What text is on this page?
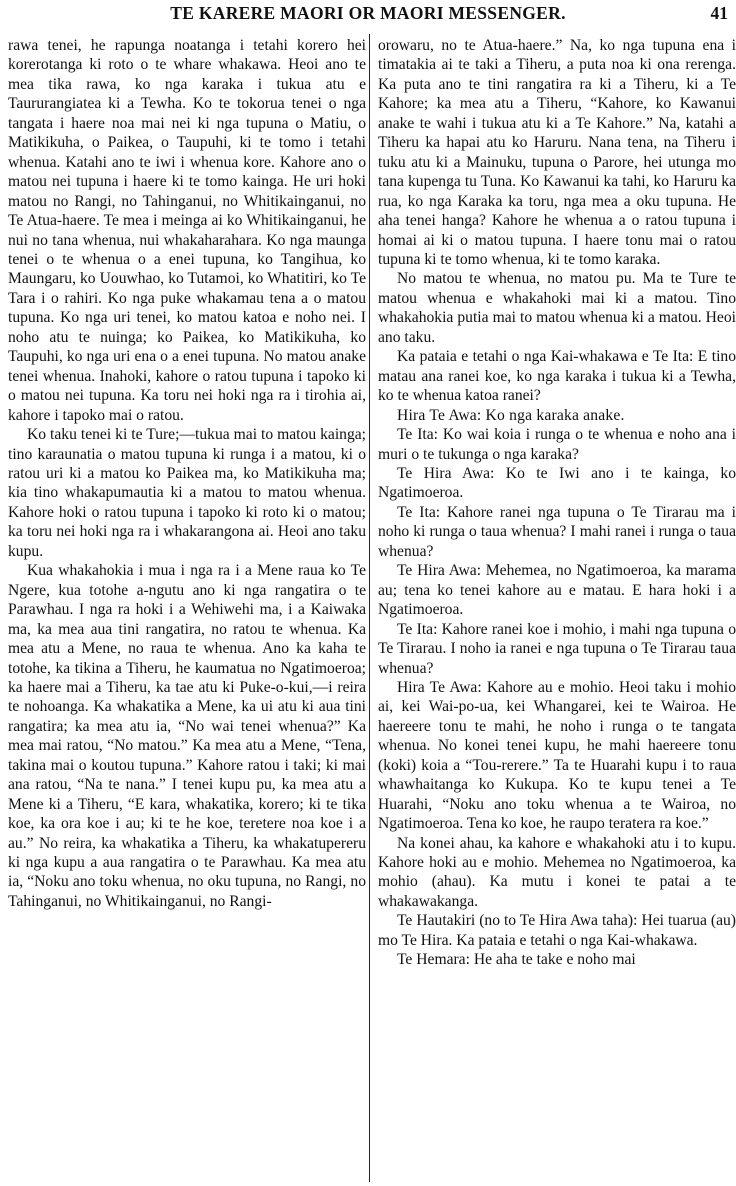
TE KARERE MAORI OR MAORI MESSENGER.	41

rawa tenei, he rapunga noatanga i tetahi korero hei korerotanga ki roto o te whare whakawa. Heoi ano te mea tika rawa, ko nga karaka i tukua atu e Taururangiatea ki a Tewha. Ko te tokorua tenei o nga tangata i haere noa mai nei ki nga tupuna o Matiu, o Matikikuha, o Paikea, o Taupuhi, ki te tomo i tetahi whenua. Katahi ano te iwi i whenua kore. Kahore ano o matou nei tupuna i haere ki te tomo kainga. He uri hoki matou no Rangi, no Tahinganui, no Whitikainganui, no Te Atua-haere. Te mea i meinga ai ko Whitikainganui, he nui no tana whenua, nui whakaharahara. Ko nga maunga tenei o te whenua o a enei tupuna, ko Tangihua, ko Maungaru, ko Uouwhao, ko Tutamoi, ko Whatitiri, ko Te Tara i o rahiri. Ko nga puke whakamau tena a o matou tupuna. Ko nga uri tenei, ko matou katoa e noho nei. I noho atu te nuinga; ko Paikea, ko Matikikuha, ko Taupuhi, ko nga uri ena o a enei tupuna. No matou anake tenei whenua. Inahoki, kahore o ratou tupuna i tapoko ki o matou nei tupuna. Ka toru nei hoki nga ra i tirohia ai, kahore i tapoko mai o ratou.

Ko taku tenei ki te Ture;—tukua mai to matou kainga; tino karaunatia o matou tupuna ki runga i a matou, ki o ratou uri ki a matou ko Paikea ma, ko Matikikuha ma; kia tino whakapumautia ki a matou to matou whenua. Kahore hoki o ratou tupuna i tapoko ki roto ki o matou; ka toru nei hoki nga ra i whakarangona ai. Heoi ano taku kupu.

Kua whakahokia i mua i nga ra i a Mene raua ko Te Ngere, kua totohe a-ngutu ano ki nga rangatira o te Parawhau. I nga ra hoki i a Wehiwehi ma, i a Kaiwaka ma, ka mea aua tini rangatira, no ratou te whenua. Ka mea atu a Mene, no raua te whenua. Ano ka kaha te totohe, ka tikina a Tiheru, he kaumatua no Ngatimoeroa; ka haere mai a Tiheru, ka tae atu ki Puke-o-kui,—i reira te nohoanga. Ka whakatika a Mene, ka ui atu ki aua tini rangatira; ka mea atu ia, “No wai tenei whenua?” Ka mea mai ratou, “No matou.” Ka mea atu a Mene, “Tena, takina mai o koutou tupuna.” Kahore ratou i taki; ki mai ana ratou, “Na te nana.” I tenei kupu pu, ka mea atu a Mene ki a Tiheru, “E kara, whakatika, korero; ki te tika koe, ka ora koe i au; ki te he koe, teretere noa koe i a au.” No reira, ka whakatika a Tiheru, ka whakatupereru ki nga kupu a aua rangatira o te Parawhau. Ka mea atu ia, “Noku ano toku whenua, no oku tupuna, no Rangi, no Tahinganui, no Whitikainganui, no Rangi-

orowaru, no te Atua-haere.” Na, ko nga tupuna ena i timatakia ai te taki a Tiheru, a puta noa ki ona rerenga. Ka puta ano te tini rangatira ra ki a Tiheru, ki a Te Kahore; ka mea atu a Tiheru, “Kahore, ko Kawanui anake te wahi i tukua atu ki a Te Kahore.” Na, katahi a Tiheru ka hapai atu ko Haruru. Nana tena, na Tiheru i tuku atu ki a Mainuku, tupuna o Parore, hei utunga mo tana kupenga tu Tuna. Ko Kawanui ka tahi, ko Haruru ka rua, ko nga Karaka ka toru, nga mea a oku tupuna. He aha tenei hanga? Kahore he whenua a o ratou tupuna i homai ai ki o matou tupuna. I haere tonu mai o ratou tupuna ki te tomo whenua, ki te tomo karaka.

No matou te whenua, no matou pu. Ma te Ture te matou whenua e whakahoki mai ki a matou. Tino whakahokia putia mai to matou whenua ki a matou. Heoi ano taku.

Ka pataia e tetahi o nga Kai-whakawa e Te Ita: E tino matau ana ranei koe, ko nga karaka i tukua ki a Tewha, ko te whenua katoa ranei?

Hira Te Awa: Ko nga karaka anake.

Te Ita: Ko wai koia i runga o te whenua e noho ana i muri o te tukunga o nga karaka?

Te Hira Awa: Ko te Iwi ano i te kainga, ko Ngatimoeroa.

Te Ita: Kahore ranei nga tupuna o Te Tirarau ma i noho ki runga o taua whenua? I mahi ranei i runga o taua whenua?

Te Hira Awa: Mehemea, no Ngatimoeroa, ka marama au; tena ko tenei kahore au e matau. E hara hoki i a Ngatimoeroa.

Te Ita: Kahore ranei koe i mohio, i mahi nga tupuna o Te Tirarau. I noho ia ranei e nga tupuna o Te Tirarau taua whenua?

Hira Te Awa: Kahore au e mohio. Heoi taku i mohio ai, kei Wai-po-ua, kei Whangarei, kei te Wairoa. He haereere tonu te mahi, he noho i runga o te tangata whenua. No konei tenei kupu, he mahi haereere tonu (koki) koia a “Tou-rerere.” Ta te Huarahi kupu i to raua whawhaitanga ko Kukupa. Ko te kupu tenei a Te Huarahi, “Noku ano toku whenua a te Wairoa, no Ngatimoeroa. Tena ko koe, he raupo teratera ra koe.”

Na konei ahau, ka kahore e whakahoki atu i to kupu. Kahore hoki au e mohio. Mehemea no Ngatimoeroa, ka mohio (ahau). Ka mutu i konei te patai a te whakawakanga.

Te Hautakiri (no to Te Hira Awa taha): Hei tuarua (au) mo Te Hira. Ka pataia e tetahi o nga Kai-whakawa.

Te Hemara: He aha te take e noho mai
